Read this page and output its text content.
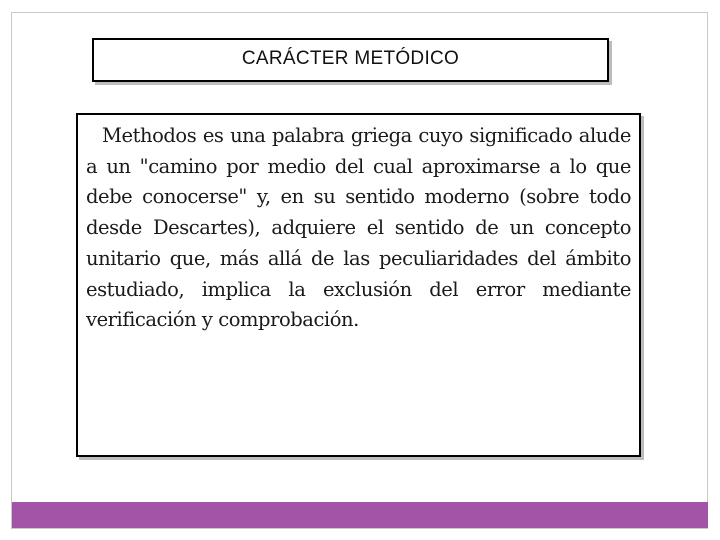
CARÁCTER METÓDICO

Methodos es una palabra griega cuyo significado alude a un "camino por medio del cual aproximarse a lo que debe conocerse" y, en su sentido moderno (sobre todo desde Descartes), adquiere el sentido de un concepto unitario que, más allá de las peculiaridades del ámbito estudiado, implica la exclusión del error mediante verificación y comprobación.
